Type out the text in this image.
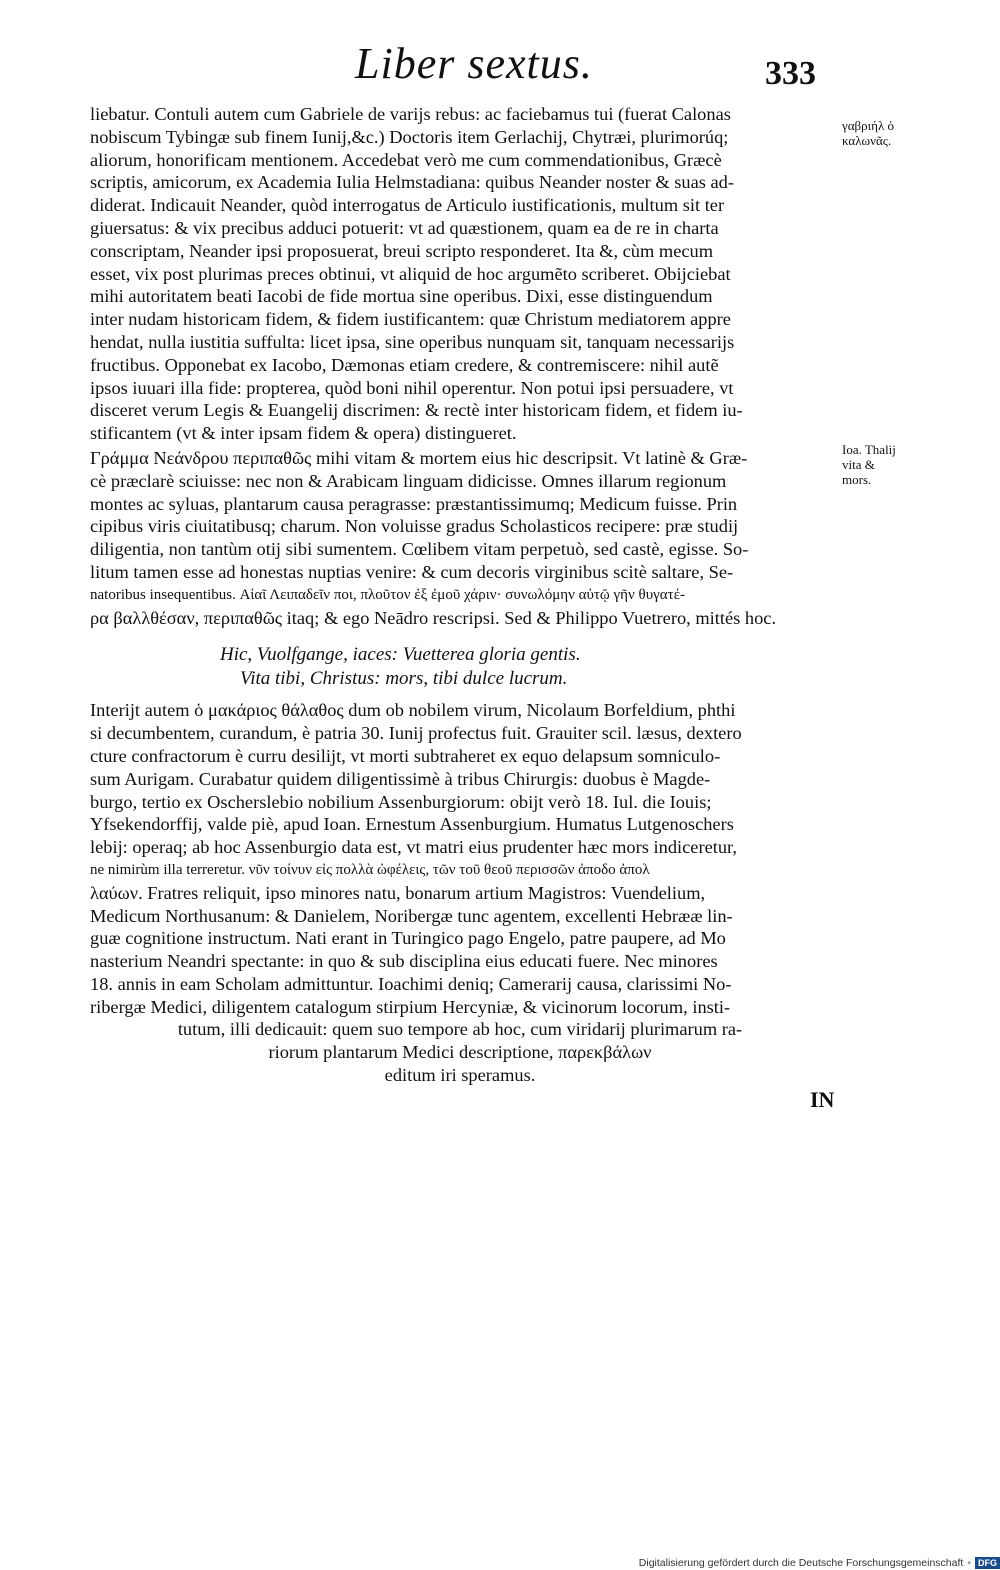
Liber sextus.	333
γαβριήλ ὁ
καλωνᾶς.
Ioa. Thalij
vita &
mors.
liebatur. Contuli autem cum Gabriele de varijs rebus: ac faciebamus tui (fuerat Calonas
nobiscum Tybingæ sub finem Iunij,&c.) Doctoris item Gerlachij, Chytræi, plurimorúq;
aliorum, honorificam mentionem. Accedebat verò me cum commendationibus, Græcè
scriptis, amicorum, ex Academia Iulia Helmstadiana: quibus Neander noster & suas ad-
diderat. Indicauit Neander, quòd interrogatus de Articulo iustificationis, multum sit ter
giuersatus: & vix precibus adduci potuerit: vt ad quæstionem, quam ea de re in charta
conscriptam, Neander ipsi proposuerat, breui scripto responderet. Ita &, cùm mecum
esset, vix post plurimas preces obtinui, vt aliquid de hoc argumẽto scriberet. Obijciebat
mihi autoritatem beati Iacobi de fide mortua sine operibus. Dixi, esse distinguendum
inter nudam historicam fidem, & fidem iustificantem: quæ Christum mediatorem appre
hendat, nulla iustitia suffulta: licet ipsa, sine operibus nunquam sit, tanquam necessarijs
fructibus. Opponebat ex Iacobo, Dæmonas etiam credere, & contremiscere: nihil autẽ
ipsos iuuari illa fide: propterea, quòd boni nihil operentur. Non potui ipsi persuadere, vt
disceret verum Legis & Euangelij discrimen: & rectè inter historicam fidem, et fidem iu-
stificantem (vt & inter ipsam fidem & opera) distingueret.
Γράμμα Νεάνδρου περιπαθῶς mihi vitam & mortem eius hic descripsit. Vt latinè & Græ-
cè præclarè sciuisse: nec non & Arabicam linguam didicisse. Omnes illarum regionum
montes ac syluas, plantarum causa peragrasse: præstantissimumq; Medicum fuisse. Prin
cipibus viris ciuitatibusq; charum. Non voluisse gradus Scholasticos recipere: præ studij
diligentia, non tantùm otij sibi sumentem. Cœlibem vitam perpetuò, sed castè, egisse. So-
litum tamen esse ad honestas nuptias venire: & cum decoris virginibus scitè saltare, Se-
natoribus insequentibus. Αἰαῖ Λειπαδεῖν ποι, πλοῦτον ἐξ ἐμοῦ χάριν· συνωλόμην αὐτῷ γῆν θυγατέ-
ρα βαλλθέσαν, περιπαθῶς itaq; & ego Neādro rescripsi. Sed & Philippo Vuetrero, mittés hoc.
Hic, Vuolfgange, iaces: Vuetterea gloria gentis.
Vita tibi, Christus: mors, tibi dulce lucrum.
Interijt autem ὁ μακάριος θάλαθος dum ob nobilem virum, Nicolaum Borfeldium, phthi
si decumbentem, curandum, è patria 30. Iunij profectus fuit. Grauiter scil. læsus, dextero
cture confractorum è curru desilijt, vt morti subtraheret ex equo delapsum somniculo-
sum Aurigam. Curabatur quidem diligentissimè à tribus Chirurgis: duobus è Magde-
burgo, tertio ex Oscherslebio nobilium Assenburgiorum: obijt verò 18. Iul. die Iouis;
Yfsekendorffij, valde piè, apud Ioan. Ernestum Assenburgium. Humatus Lutgenoschers
lebij: operaq; ab hoc Assenburgio data est, vt matri eius prudenter hæc mors indiceretur,
ne nimirùm illa terreretur. νῦν τοίνυν εἰς πολλὰ ὠφέλεις, τῶν τοῦ θεοῦ περισσῶν ἀποδο ἀπολ
λαύων. Fratres reliquit, ipso minores natu, bonarum artium Magistros: Vuendelium,
Medicum Northusanum: & Danielem, Noribergæ tunc agentem, excellenti Hebrææ lin-
guæ cognitione instructum. Nati erant in Turingico pago Engelo, patre paupere, ad Mo
nasterium Neandri spectante: in quo & sub disciplina eius educati fuere. Nec minores
18. annis in eam Scholam admittuntur. Ioachimi deniq; Camerarij causa, clarissimi No-
ribergæ Medici, diligentem catalogum stirpium Hercyniæ, & vicinorum locorum, insti-
tutum, illi dedicauit: quem suo tempore ab hoc, cum viridarij plurimarum ra-
riorum plantarum Medici descriptione, παρεκβάλων
editum iri speramus.
IN
Digitalisierung gefördert durch die Deutsche Forschungsgemeinschaft • DFG
